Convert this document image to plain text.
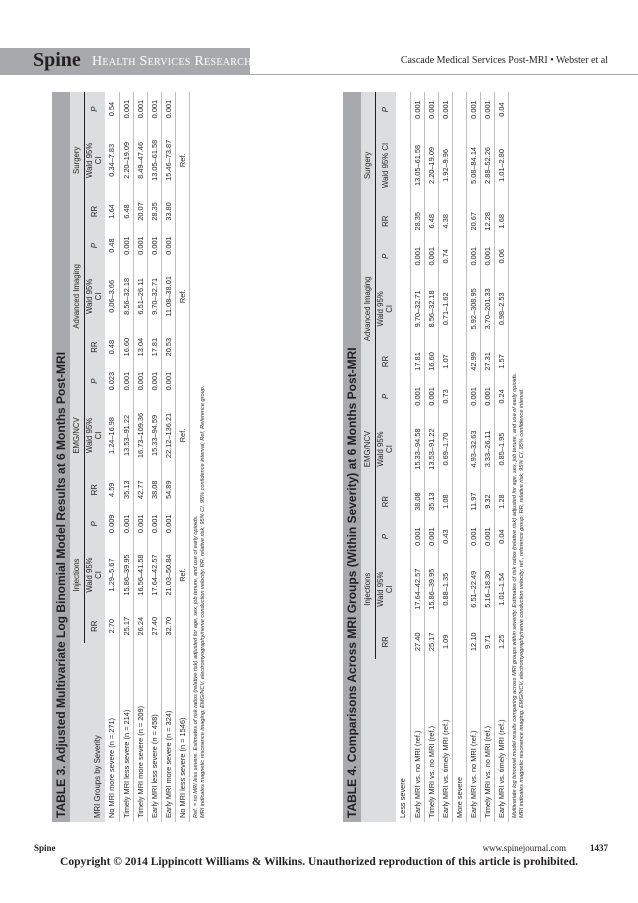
Spine Health Services Research	Cascade Medical Services Post-MRI • Webster et al
TABLE 3. Adjusted Multivariate Log Binomial Model Results at 6 Months Post-MRI	MRI Groups by Severity	Injections			EMG/NCV			Advanced Imaging			Surgery		
	RR	Wald 95%
CI	P	RR	Wald 95%
CI	P	RR	Wald 95%
CI	P	RR	Wald 95%
CI	P
No MRI more severe (n = 271)	2.70	1.29–5.67	0.009	4.59	1.24–16.98	0.023	0.48	0.06–3.66	0.48	1.64	0.34–7.83	0.54
Timely MRI less severe (n = 214)	25.17	15.86–39.95	0.001	35.13	13.53–91.22	0.001	16.60	8.56–32.18	0.001	6.48	2.20–19.09	0.001
Timely MRI more severe (n = 209)	26.24	16.56–41.58	0.001	42.77	16.73–109.36	0.001	13.04	6.51–26.11	0.001	20.07	8.49–47.46	0.001
Early MRI less severe (n = 458)	27.40	17.64–42.57	0.001	38.08	15.33–94.59	0.001	17.81	9.70–32.71	0.001	28.35	13.05–61.58	0.001
Early MRI more severe (n = 324)	32.70	21.03–50.84	0.001	54.89	22.12–136.21	0.001	20.53	11.08–38.01	0.001	33.80	15.46–73.87	0.001
No MRI less severe (n = 1546)	Ref.			Ref.			Ref.			Ref.		
Ref. = no MRI less severe. Estimates of risk ratios (relative risk) adjusted for age, sex, job tenure, and use of early opioids. MRI indicates magnetic resonance imaging; EMG/NCV, electromyography/nerve conduction velocity; RR, relative risk; 95% CI, 95% confidence interval; Ref, Reference group.	TABLE 4. Comparisons Across MRI Groups (Within Severity) at 6 Months Post-MRI
	Injections			EMG/NCV			Advanced Imaging			Surgery		
	RR	Wald 95%
CI	P	RR	Wald 95%
CI	P	RR	Wald 95%
CI	P	RR	Wald 95% CI	P
Less severe												
Early MRI vs. no MRI (ref.)	27.40	17.64–42.57	0.001	38.08	15.33–94.58	0.001	17.81	9.70–32.71	0.001	28.35	13.05–61.58	0.001
Timely MRI vs. no MRI (ref.)	25.17	15.86–39.95	0.001	35.13	13.53–91.22	0.001	16.60	8.56–32.18	0.001	6.48	2.20–19.09	0.001
Early MRI vs. timely MRI (ref.)	1.09	0.88–1.35	0.43	1.08	0.69–1.70	0.73	1.07	0.71–1.62	0.74	4.38	1.92–9.96	0.001
More severe												
Early MRI vs. no MRI (ref.)	12.10	6.51–22.49	0.001	11.97	4.93–32.63	0.001	42.99	5.92–308.95	0.001	20.67	5.08–84.14	0.001
Timely MRI vs. no MRI (ref.)	9.71	5.16–18.30	0.001	9.32	3.33–26.11	0.001	27.31	3.70–201.33	0.001	12.28	2.88–52.26	0.001
Early MRI vs. timely MRI (ref.)	1.25	1.01–1.54	0.04	1.28	0.85–1.95	0.24	1.57	0.98–2.53	0.06	1.68	1.01–2.80	0.04
Multivariate log binomial model results comparing across MRI groups within severity. Estimates of risk ratios (relative risk) adjusted for age, sex, job tenure, and use of early opioids. MRI indicates magnetic resonance imaging; EMG/NCV, electromyography/nerve conduction velocity; ref., reference group; RR, relative risk; 95% CI, 95% confidence interval.
Spine	www.spinejournal.com	1437
Copyright © 2014 Lippincott Williams & Wilkins. Unauthorized reproduction of this article is prohibited.
